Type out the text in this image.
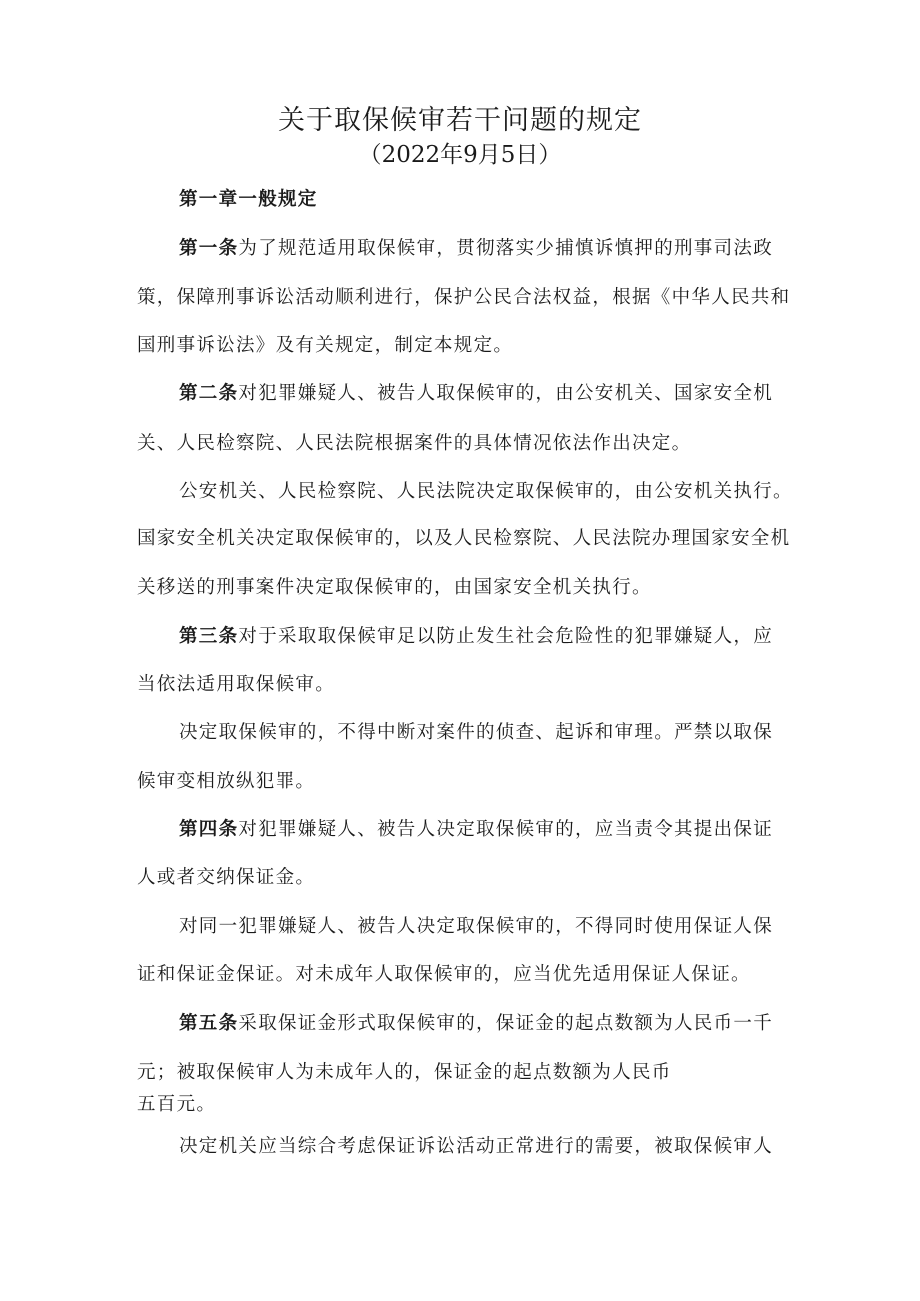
关于取保候审若干问题的规定

（2022年9月5日）

第一章一般规定

第一条为了规范适用取保候审，贯彻落实少捕慎诉慎押的刑事司法政

策，保障刑事诉讼活动顺利进行，保护公民合法权益，根据《中华人民共和

国刑事诉讼法》及有关规定，制定本规定。

第二条对犯罪嫌疑人、被告人取保候审的，由公安机关、国家安全机

关、人民检察院、人民法院根据案件的具体情况依法作出决定。

公安机关、人民检察院、人民法院决定取保候审的，由公安机关执行。

国家安全机关决定取保候审的，以及人民检察院、人民法院办理国家安全机

关移送的刑事案件决定取保候审的，由国家安全机关执行。

第三条对于采取取保候审足以防止发生社会危险性的犯罪嫌疑人，应

当依法适用取保候审。

决定取保候审的，不得中断对案件的侦查、起诉和审理。严禁以取保

候审变相放纵犯罪。

第四条对犯罪嫌疑人、被告人决定取保候审的，应当责令其提出保证

人或者交纳保证金。

对同一犯罪嫌疑人、被告人决定取保候审的，不得同时使用保证人保

证和保证金保证。对未成年人取保候审的，应当优先适用保证人保证。

第五条采取保证金形式取保候审的，保证金的起点数额为人民币一千

元；被取保候审人为未成年人的，保证金的起点数额为人民币

五百元。

决定机关应当综合考虑保证诉讼活动正常进行的需要，被取保候审人
